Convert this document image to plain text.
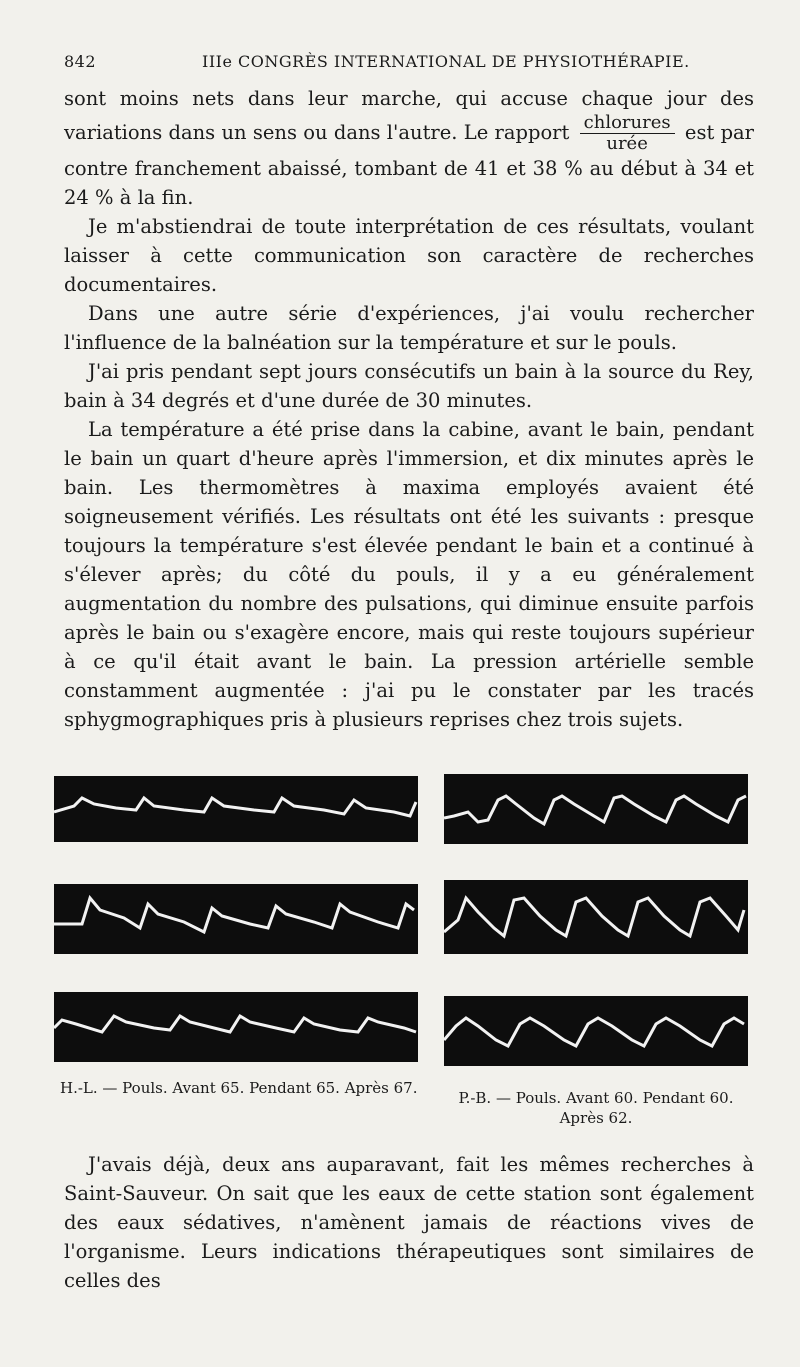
842	IIIe CONGRÈS INTERNATIONAL DE PHYSIOTHÉRAPIE.

sont moins nets dans leur marche, qui accuse chaque jour des variations dans un sens ou dans l'autre. Le rapport $\frac{\text{chlorures}}{\text{urée}}$ est par contre franchement abaissé, tombant de 41 et 38 % au début à 34 et 24 % à la fin.

Je m'abstiendrai de toute interprétation de ces résultats, voulant laisser à cette communication son caractère de recherches documentaires.

Dans une autre série d'expériences, j'ai voulu rechercher l'influence de la balnéation sur la température et sur le pouls.

J'ai pris pendant sept jours consécutifs un bain à la source du Rey, bain à 34 degrés et d'une durée de 30 minutes.

La température a été prise dans la cabine, avant le bain, pendant le bain un quart d'heure après l'immersion, et dix minutes après le bain. Les thermomètres à maxima employés avaient été soigneusement vérifiés. Les résultats ont été les suivants : presque toujours la température s'est élevée pendant le bain et a continué à s'élever après; du côté du pouls, il y a eu généralement augmentation du nombre des pulsations, qui diminue ensuite parfois après le bain ou s'exagère encore, mais qui reste toujours supérieur à ce qu'il était avant le bain. La pression artérielle semble constamment augmentée : j'ai pu le constater par les tracés sphygmographiques pris à plusieurs reprises chez trois sujets.

H.-L. — Pouls. Avant 65. Pendant 65. Après 67.
P.-B. — Pouls. Avant 60. Pendant 60.
Après 62.

J'avais déjà, deux ans auparavant, fait les mêmes recherches à Saint-Sauveur. On sait que les eaux de cette station sont également des eaux sédatives, n'amènent jamais de réactions vives de l'organisme. Leurs indications thérapeutiques sont similaires de celles des
